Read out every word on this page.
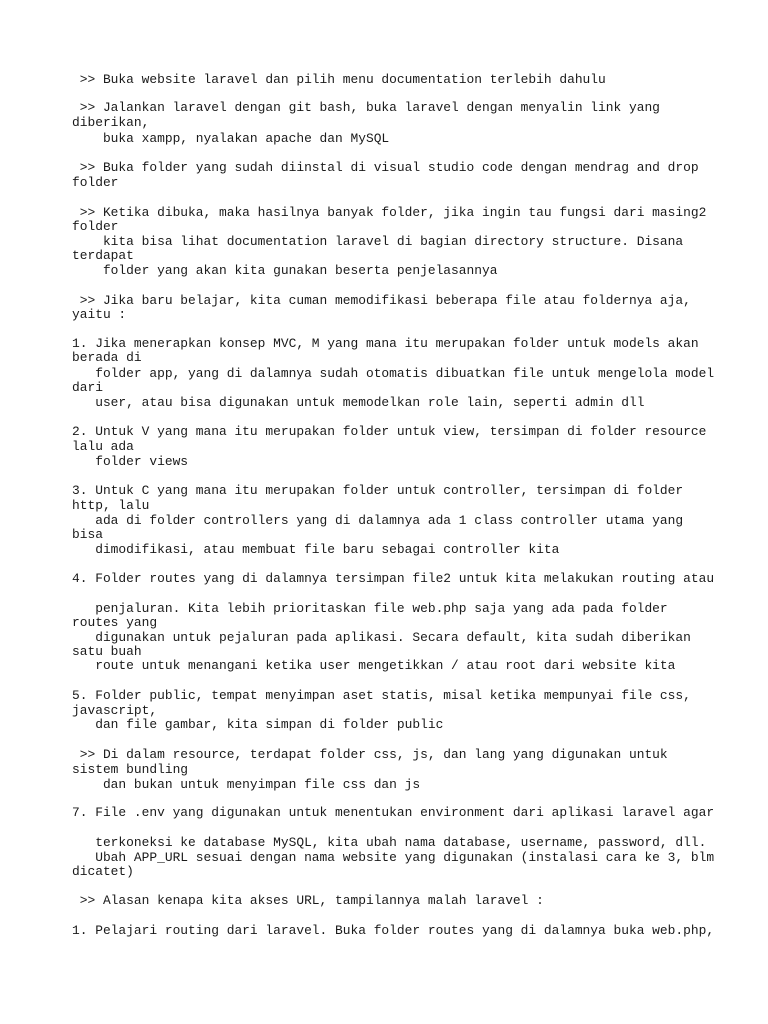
>> Buka website laravel dan pilih menu documentation terlebih dahulu

>> Jalankan laravel dengan git bash, buka laravel dengan menyalin link yang

diberikan,

buka xampp, nyalakan apache dan MySQL

>> Buka folder yang sudah diinstal di visual studio code dengan mendrag and drop

folder

>> Ketika dibuka, maka hasilnya banyak folder, jika ingin tau fungsi dari masing2

folder

kita bisa lihat documentation laravel di bagian directory structure. Disana

terdapat

folder yang akan kita gunakan beserta penjelasannya

>> Jika baru belajar, kita cuman memodifikasi beberapa file atau foldernya aja,

yaitu :

1. Jika menerapkan konsep MVC, M yang mana itu merupakan folder untuk models akan

berada di

folder app, yang di dalamnya sudah otomatis dibuatkan file untuk mengelola model

dari

user, atau bisa digunakan untuk memodelkan role lain, seperti admin dll

2. Untuk V yang mana itu merupakan folder untuk view, tersimpan di folder resource

lalu ada

folder views

3. Untuk C yang mana itu merupakan folder untuk controller, tersimpan di folder

http, lalu

ada di folder controllers yang di dalamnya ada 1 class controller utama yang

bisa

dimodifikasi, atau membuat file baru sebagai controller kita

4. Folder routes yang di dalamnya tersimpan file2 untuk kita melakukan routing atau

penjaluran. Kita lebih prioritaskan file web.php saja yang ada pada folder

routes yang

digunakan untuk pejaluran pada aplikasi. Secara default, kita sudah diberikan

satu buah

route untuk menangani ketika user mengetikkan / atau root dari website kita

5. Folder public, tempat menyimpan aset statis, misal ketika mempunyai file css,

javascript,

dan file gambar, kita simpan di folder public

>> Di dalam resource, terdapat folder css, js, dan lang yang digunakan untuk

sistem bundling

dan bukan untuk menyimpan file css dan js

7. File .env yang digunakan untuk menentukan environment dari aplikasi laravel agar

terkoneksi ke database MySQL, kita ubah nama database, username, password, dll.

Ubah APP_URL sesuai dengan nama website yang digunakan (instalasi cara ke 3, blm

dicatet)

>> Alasan kenapa kita akses URL, tampilannya malah laravel :

1. Pelajari routing dari laravel. Buka folder routes yang di dalamnya buka web.php,
